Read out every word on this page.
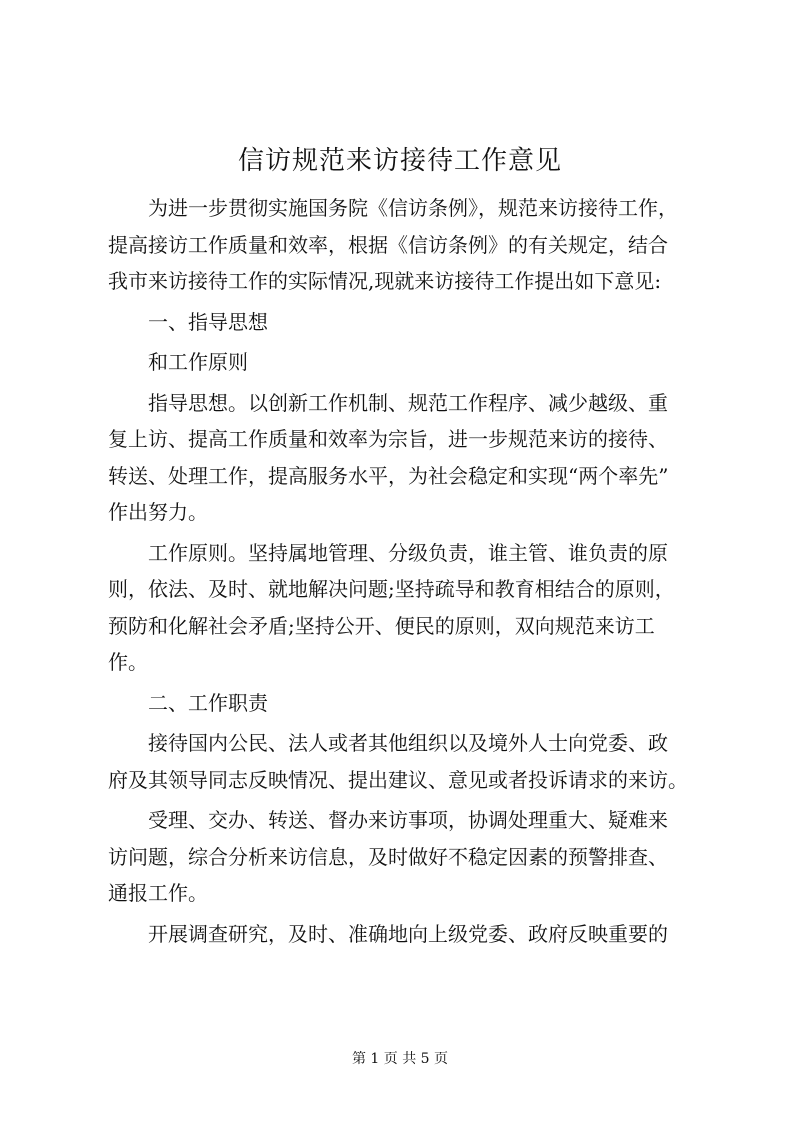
信访规范来访接待工作意见

为进一步贯彻实施国务院《信访条例》，规范来访接待工作，
提高接访工作质量和效率，根据《信访条例》的有关规定，结合
我市来访接待工作的实际情况,现就来访接待工作提出如下意见:

一、指导思想

和工作原则

指导思想。以创新工作机制、规范工作程序、减少越级、重
复上访、提高工作质量和效率为宗旨，进一步规范来访的接待、
转送、处理工作，提高服务水平，为社会稳定和实现“两个率先”
作出努力。

工作原则。坚持属地管理、分级负责，谁主管、谁负责的原
则，依法、及时、就地解决问题;坚持疏导和教育相结合的原则，
预防和化解社会矛盾;坚持公开、便民的原则，双向规范来访工
作。

二、工作职责

接待国内公民、法人或者其他组织以及境外人士向党委、政
府及其领导同志反映情况、提出建议、意见或者投诉请求的来访。

受理、交办、转送、督办来访事项，协调处理重大、疑难来
访问题，综合分析来访信息，及时做好不稳定因素的预警排查、
通报工作。

开展调查研究，及时、准确地向上级党委、政府反映重要的

第 1 页 共 5 页
